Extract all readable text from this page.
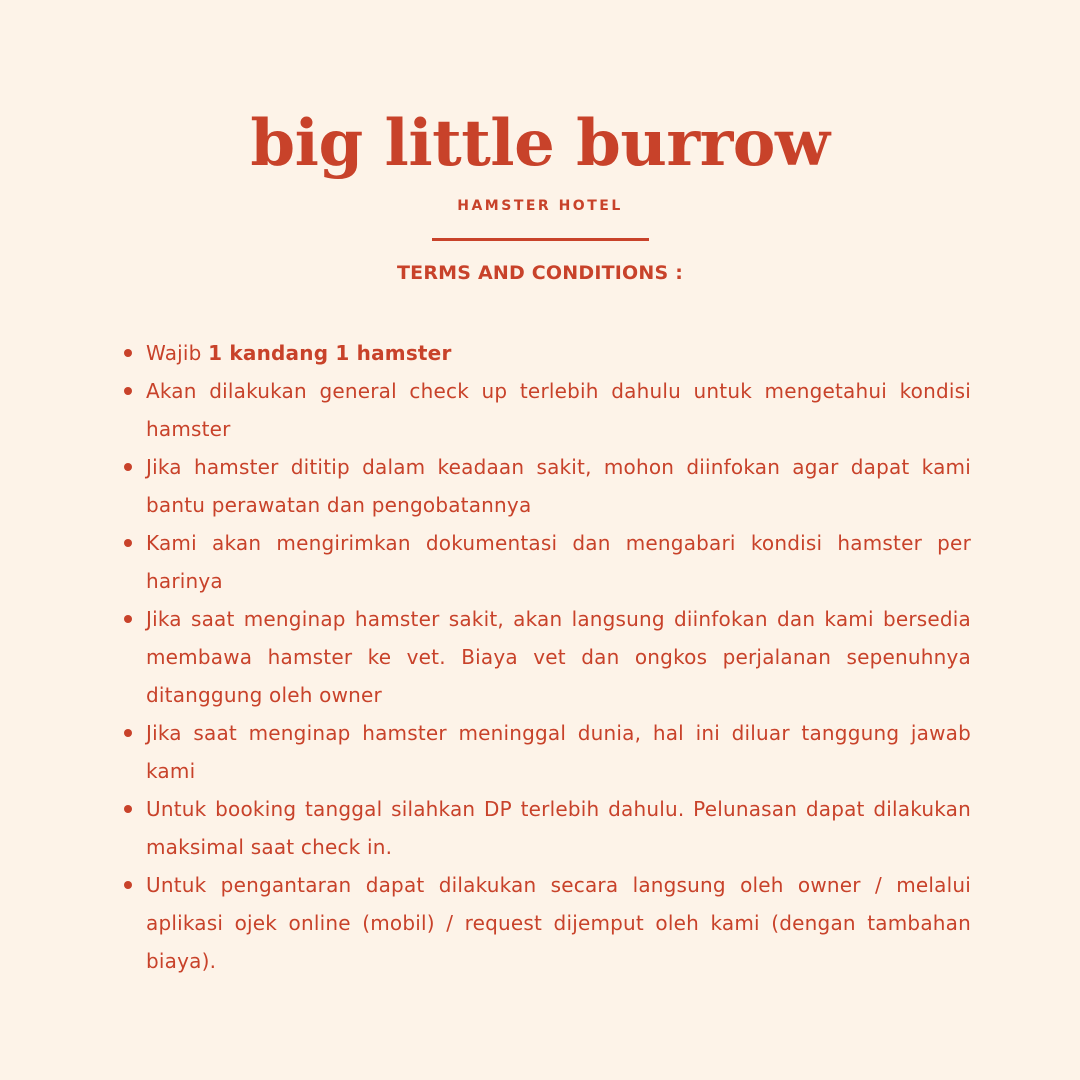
big little burrow
HAMSTER HOTEL
TERMS AND CONDITIONS :
Wajib 1 kandang 1 hamster
Akan dilakukan general check up terlebih dahulu untuk mengetahui kondisi hamster
Jika hamster dititip dalam keadaan sakit, mohon diinfokan agar dapat kami bantu perawatan dan pengobatannya
Kami akan mengirimkan dokumentasi dan mengabari kondisi hamster per harinya
Jika saat menginap hamster sakit, akan langsung diinfokan dan kami bersedia membawa hamster ke vet. Biaya vet dan ongkos perjalanan sepenuhnya ditanggung oleh owner
Jika saat menginap hamster meninggal dunia, hal ini diluar tanggung jawab kami
Untuk booking tanggal silahkan DP terlebih dahulu. Pelunasan dapat dilakukan maksimal saat check in.
Untuk pengantaran dapat dilakukan secara langsung oleh owner / melalui aplikasi ojek online (mobil) / request dijemput oleh kami (dengan tambahan biaya).
